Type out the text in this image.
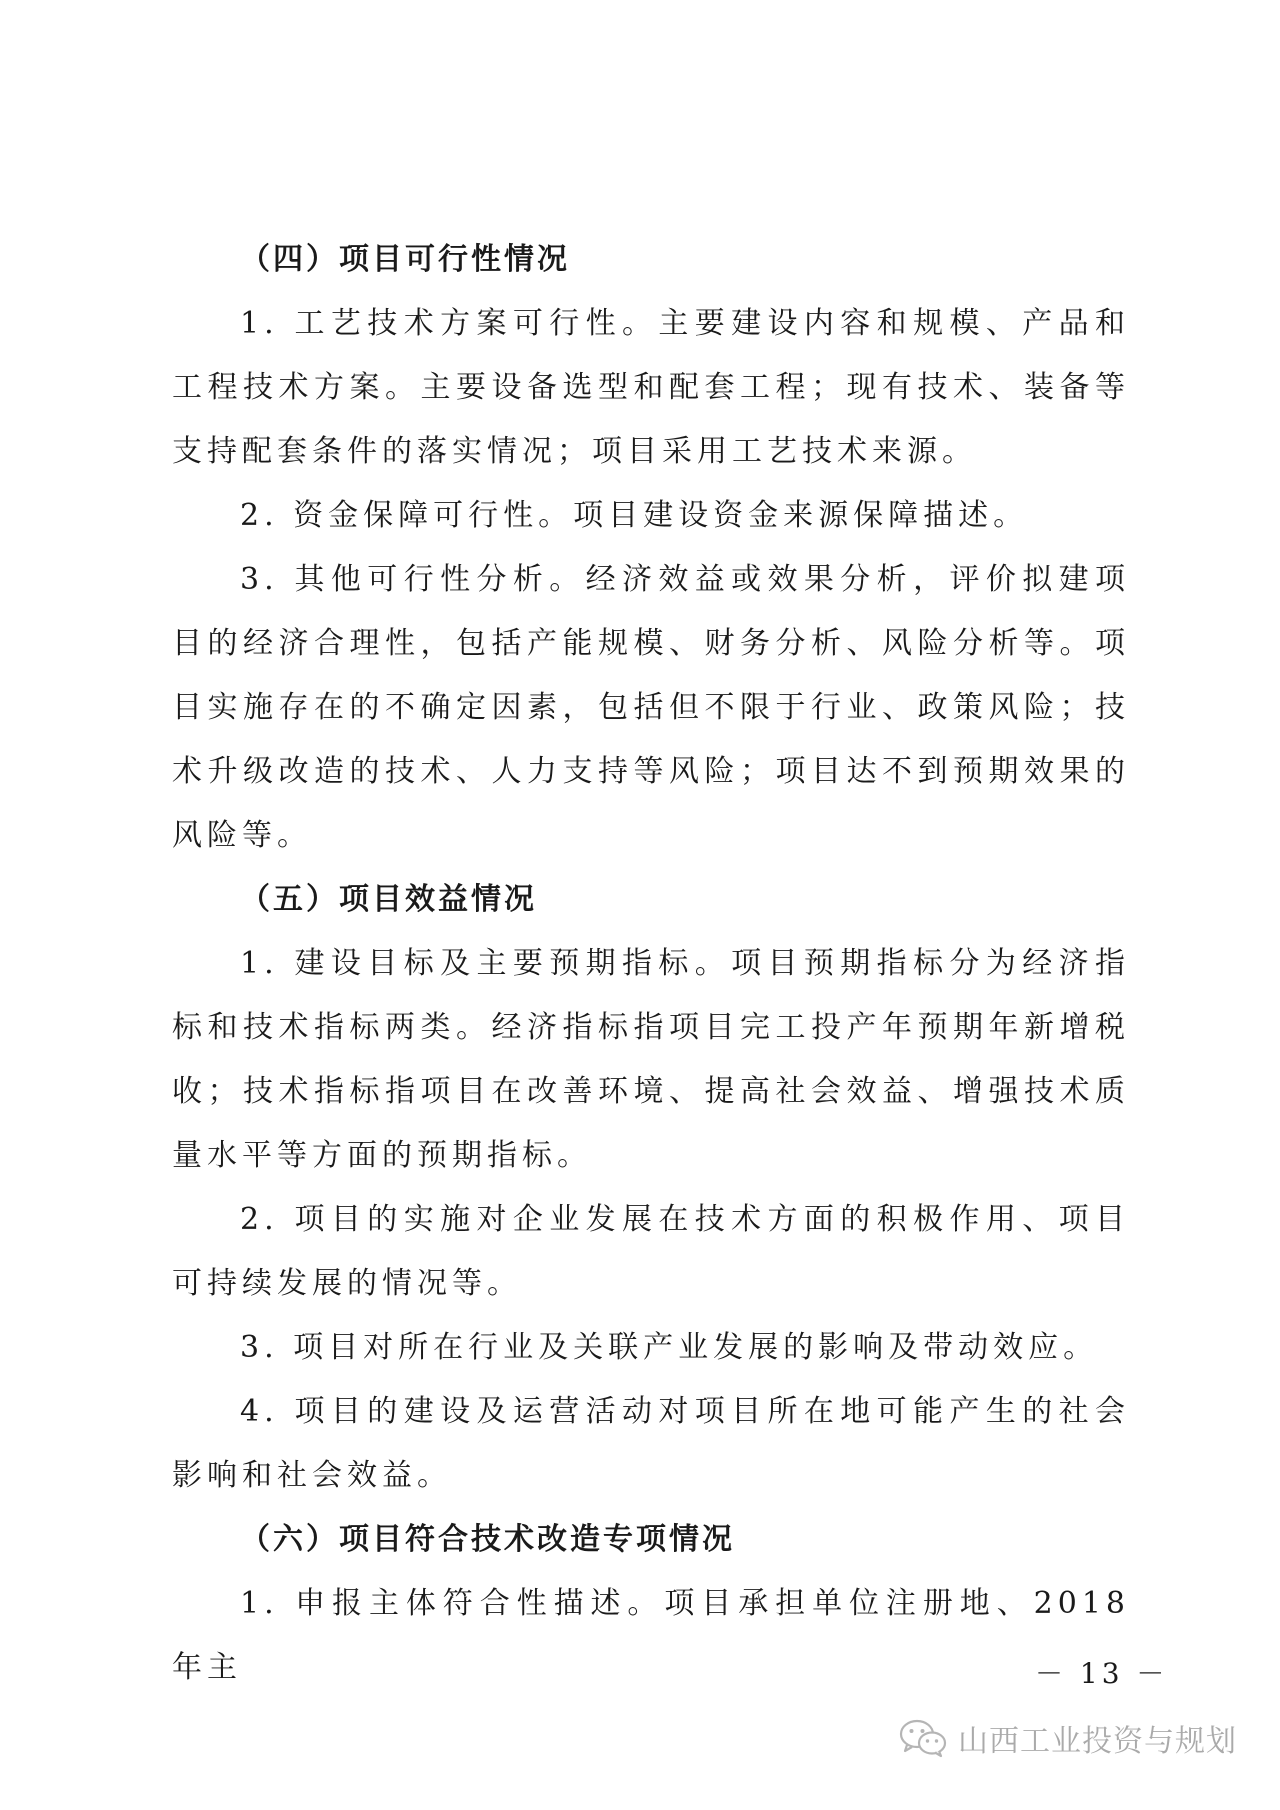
（四）项目可行性情况

1. 工艺技术方案可行性。主要建设内容和规模、产品和工程技术方案。主要设备选型和配套工程；现有技术、装备等支持配套条件的落实情况；项目采用工艺技术来源。

2. 资金保障可行性。项目建设资金来源保障描述。

3. 其他可行性分析。经济效益或效果分析，评价拟建项目的经济合理性，包括产能规模、财务分析、风险分析等。项目实施存在的不确定因素，包括但不限于行业、政策风险；技术升级改造的技术、人力支持等风险；项目达不到预期效果的风险等。

（五）项目效益情况

1. 建设目标及主要预期指标。项目预期指标分为经济指标和技术指标两类。经济指标指项目完工投产年预期年新增税收；技术指标指项目在改善环境、提高社会效益、增强技术质量水平等方面的预期指标。

2. 项目的实施对企业发展在技术方面的积极作用、项目可持续发展的情况等。

3. 项目对所在行业及关联产业发展的影响及带动效应。

4. 项目的建设及运营活动对项目所在地可能产生的社会影响和社会效益。

（六）项目符合技术改造专项情况

1. 申报主体符合性描述。项目承担单位注册地、2018 年主	－ 13 －
山西工业投资与规划
